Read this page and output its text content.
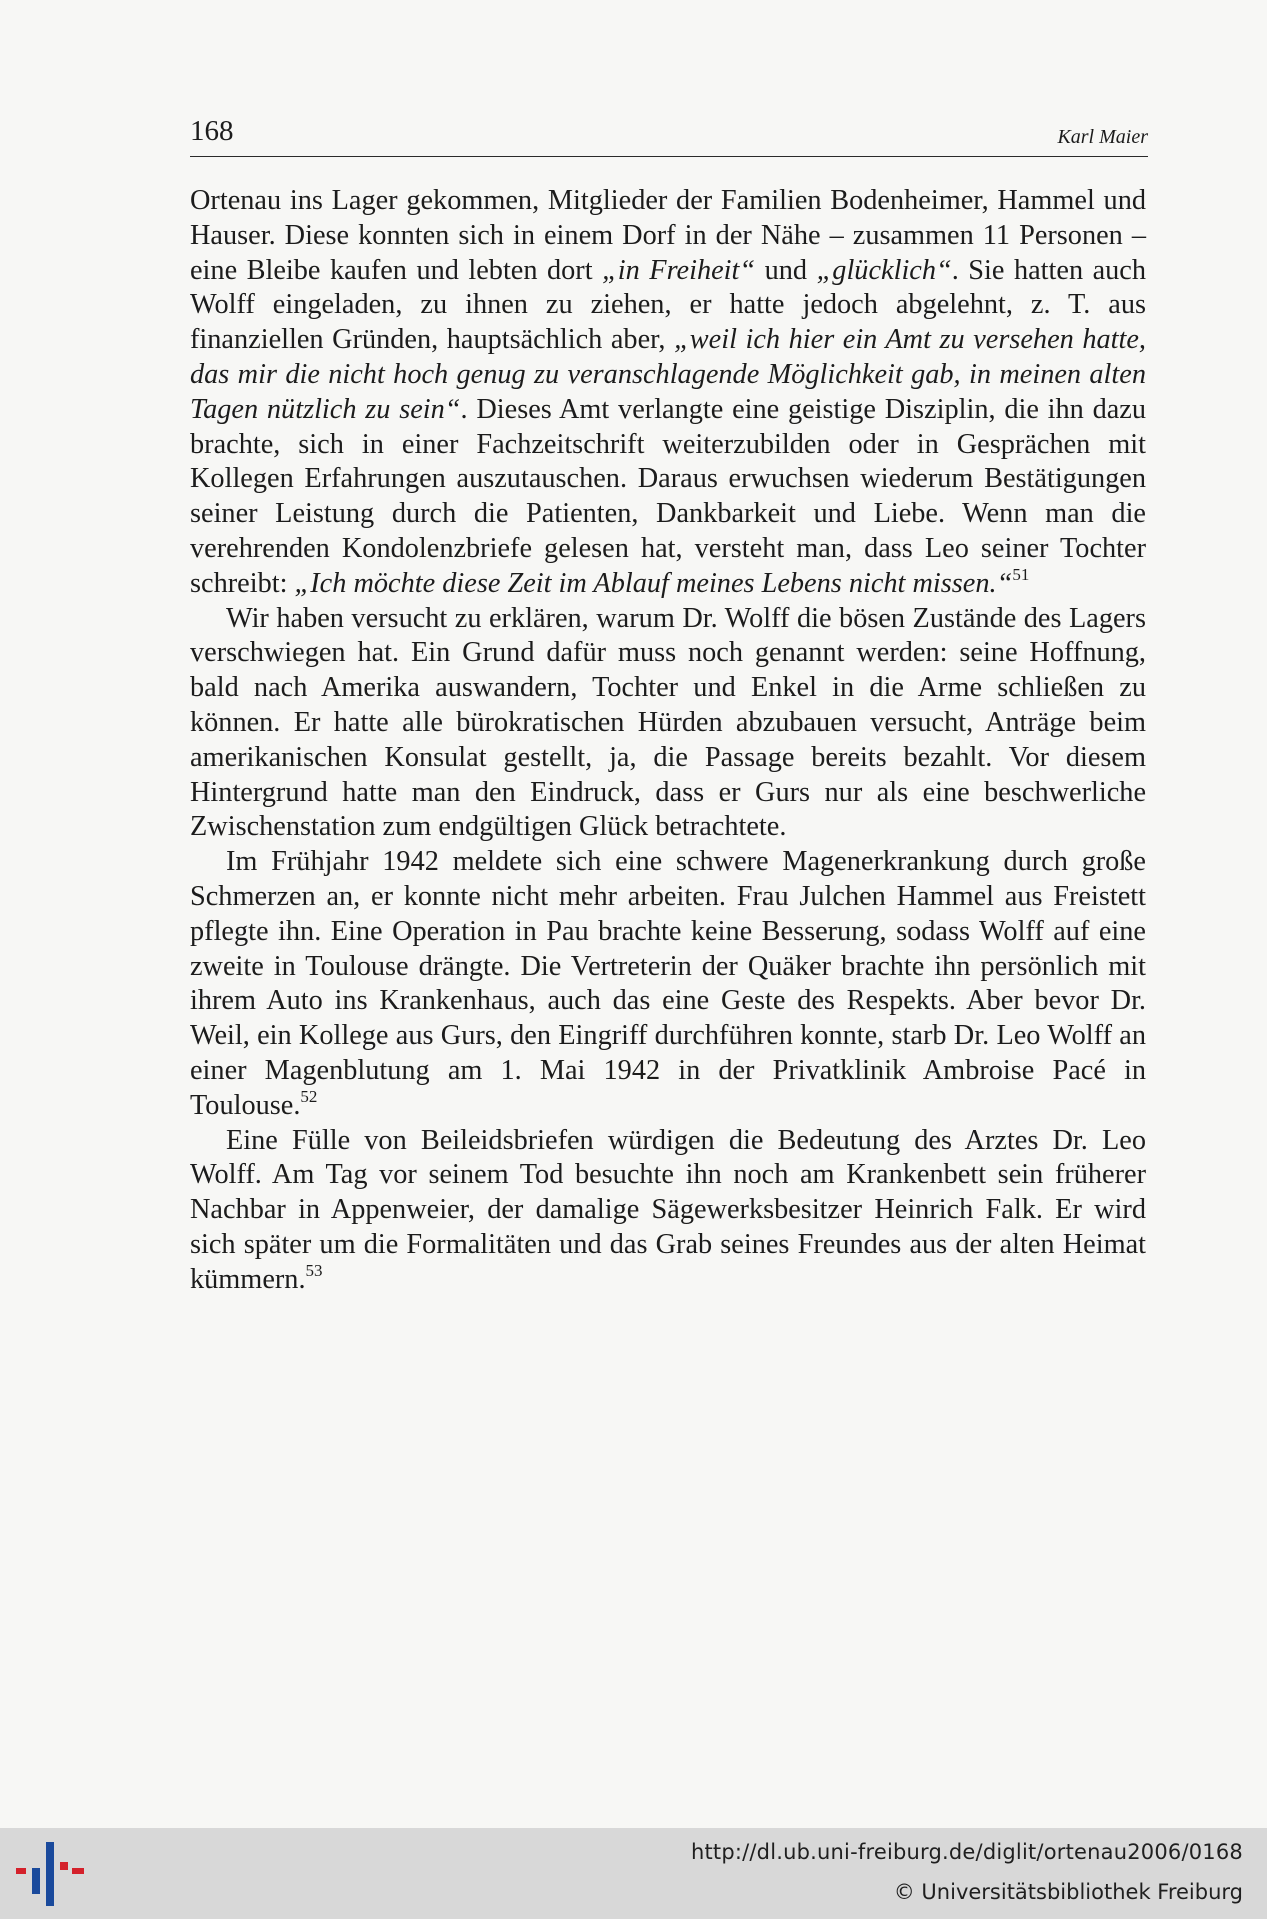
168	Karl Maier

Ortenau ins Lager gekommen, Mitglieder der Familien Bodenheimer, Hammel und Hauser. Diese konnten sich in einem Dorf in der Nähe – zusammen 11 Personen – eine Bleibe kaufen und lebten dort „in Freiheit“ und „glücklich“. Sie hatten auch Wolff eingeladen, zu ihnen zu ziehen, er hatte jedoch abgelehnt, z. T. aus finanziellen Gründen, hauptsächlich aber, „weil ich hier ein Amt zu versehen hatte, das mir die nicht hoch genug zu veranschlagende Möglichkeit gab, in meinen alten Tagen nützlich zu sein“. Dieses Amt verlangte eine geistige Disziplin, die ihn dazu brachte, sich in einer Fachzeitschrift weiterzubilden oder in Gesprächen mit Kollegen Erfahrungen auszutauschen. Daraus erwuchsen wiederum Bestätigungen seiner Leistung durch die Patienten, Dankbarkeit und Liebe. Wenn man die verehrenden Kondolenzbriefe gelesen hat, versteht man, dass Leo seiner Tochter schreibt: „Ich möchte diese Zeit im Ablauf meines Lebens nicht missen.“$^{51}$

Wir haben versucht zu erklären, warum Dr. Wolff die bösen Zustände des Lagers verschwiegen hat. Ein Grund dafür muss noch genannt werden: seine Hoffnung, bald nach Amerika auswandern, Tochter und Enkel in die Arme schließen zu können. Er hatte alle bürokratischen Hürden abzubauen versucht, Anträge beim amerikanischen Konsulat gestellt, ja, die Passage bereits bezahlt. Vor diesem Hintergrund hatte man den Eindruck, dass er Gurs nur als eine beschwerliche Zwischenstation zum endgültigen Glück betrachtete.

Im Frühjahr 1942 meldete sich eine schwere Magenerkrankung durch große Schmerzen an, er konnte nicht mehr arbeiten. Frau Julchen Hammel aus Freistett pflegte ihn. Eine Operation in Pau brachte keine Besserung, sodass Wolff auf eine zweite in Toulouse drängte. Die Vertreterin der Quäker brachte ihn persönlich mit ihrem Auto ins Krankenhaus, auch das eine Geste des Respekts. Aber bevor Dr. Weil, ein Kollege aus Gurs, den Eingriff durchführen konnte, starb Dr. Leo Wolff an einer Magenblutung am 1. Mai 1942 in der Privatklinik Ambroise Pacé in Toulouse.$^{52}$

Eine Fülle von Beileidsbriefen würdigen die Bedeutung des Arztes Dr. Leo Wolff. Am Tag vor seinem Tod besuchte ihn noch am Krankenbett sein früherer Nachbar in Appenweier, der damalige Sägewerksbesitzer Heinrich Falk. Er wird sich später um die Formalitäten und das Grab seines Freundes aus der alten Heimat kümmern.$^{53}$

http://dl.ub.uni-freiburg.de/diglit/ortenau2006/0168
© Universitätsbibliothek Freiburg
